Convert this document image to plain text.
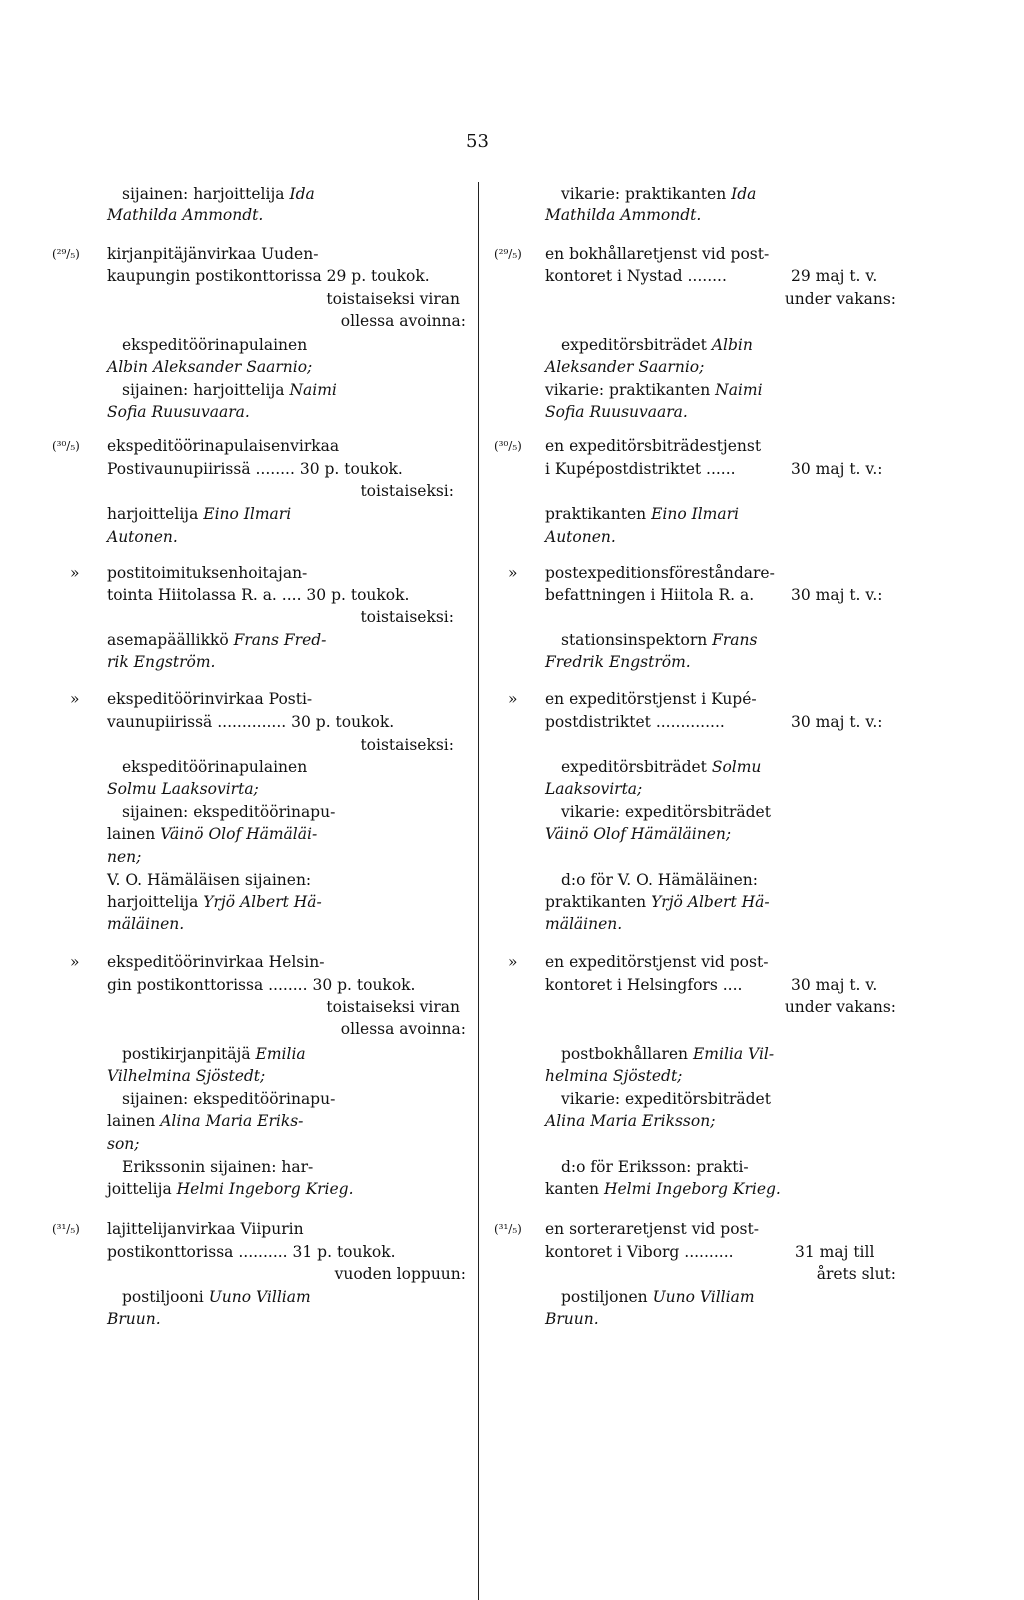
53
sijainen: harjoittelija Ida
Mathilda Ammondt.
vikarie: praktikanten Ida
Mathilda Ammondt.
(²⁹/₅) kirjanpitäjänvirkaa Uuden-
kaupungin postikonttorissa 29 p. toukok.
toistaiseksi viran
ollessa avoinna:
ekspeditöörinapulainen
Albin Aleksander Saarnio;
sijainen: harjoittelija Naimi
Sofia Ruusuvaara.
(²⁹/₅) en bokhållaretjenst vid post-
kontoret i Nystad ........	29 maj t. v.
under vakans:
expeditörsbiträdet Albin
Aleksander Saarnio;
vikarie: praktikanten Naimi
Sofia Ruusuvaara.
(³⁰/₅) ekspeditöörinapulaisenvirkaa
Postivaunupiirissä ........ 30 p. toukok.
toistaiseksi:
harjoittelija Eino Ilmari
Autonen.
(³⁰/₅) en expeditörsbiträdestjenst
i Kupépostdistriktet ......	30 maj t. v.:
praktikanten Eino Ilmari
Autonen.
» postitoimituksenhoitajan-
tointa Hiitolassa R. a. .... 30 p. toukok.
toistaiseksi:
asemapäällikkö Frans Fred-
rik Engström.
» postexpeditionsföreståndare-
befattningen i Hiitola R. a. 30 maj t. v.:
stationsinspektorn Frans
Fredrik Engström.
» ekspeditöörinvirkaa Posti-
vaunupiirissä .............. 30 p. toukok.
toistaiseksi:
ekspeditöörinapulainen
Solmu Laaksovirta;
sijainen: ekspeditöörinapu-
lainen Väinö Olof Hämäläi-
nen;
V. O. Hämäläisen sijainen:
harjoittelija Yrjö Albert Hä-
mäläinen.
» en expeditörstjenst i Kupé-
postdistriktet ..............	30 maj t. v.:
expeditörsbiträdet Solmu
Laaksovirta;
vikarie: expeditörsbiträdet
Väinö Olof Hämäläinen;
d:o för V. O. Hämäläinen:
praktikanten Yrjö Albert Hä-
mäläinen.
» ekspeditöörinvirkaa Helsin-
gin postikonttorissa ........ 30 p. toukok.
toistaiseksi viran
ollessa avoinna:
postikirjanpitäjä Emilia
Vilhelmina Sjöstedt;
sijainen: ekspeditöörinapu-
lainen Alina Maria Eriks-
son;
Erikssonin sijainen: har-
joittelija Helmi Ingeborg Krieg.
» en expeditörstjenst vid post-
kontoret i Helsingfors ....	30 maj t. v.
under vakans:
postbokhållaren Emilia Vil-
helmina Sjöstedt;
vikarie: expeditörsbiträdet
Alina Maria Eriksson;
d:o för Eriksson: prakti-
kanten Helmi Ingeborg Krieg.
(³¹/₅) lajittelijanvirkaa Viipurin
postikonttorissa .......... 31 p. toukok.
vuoden loppuun:
postiljooni Uuno Villiam
Bruun.
(³¹/₅) en sorteraretjenst vid post-
kontoret i Viborg ..........	31 maj till
årets slut:
postiljonen Uuno Villiam
Bruun.
